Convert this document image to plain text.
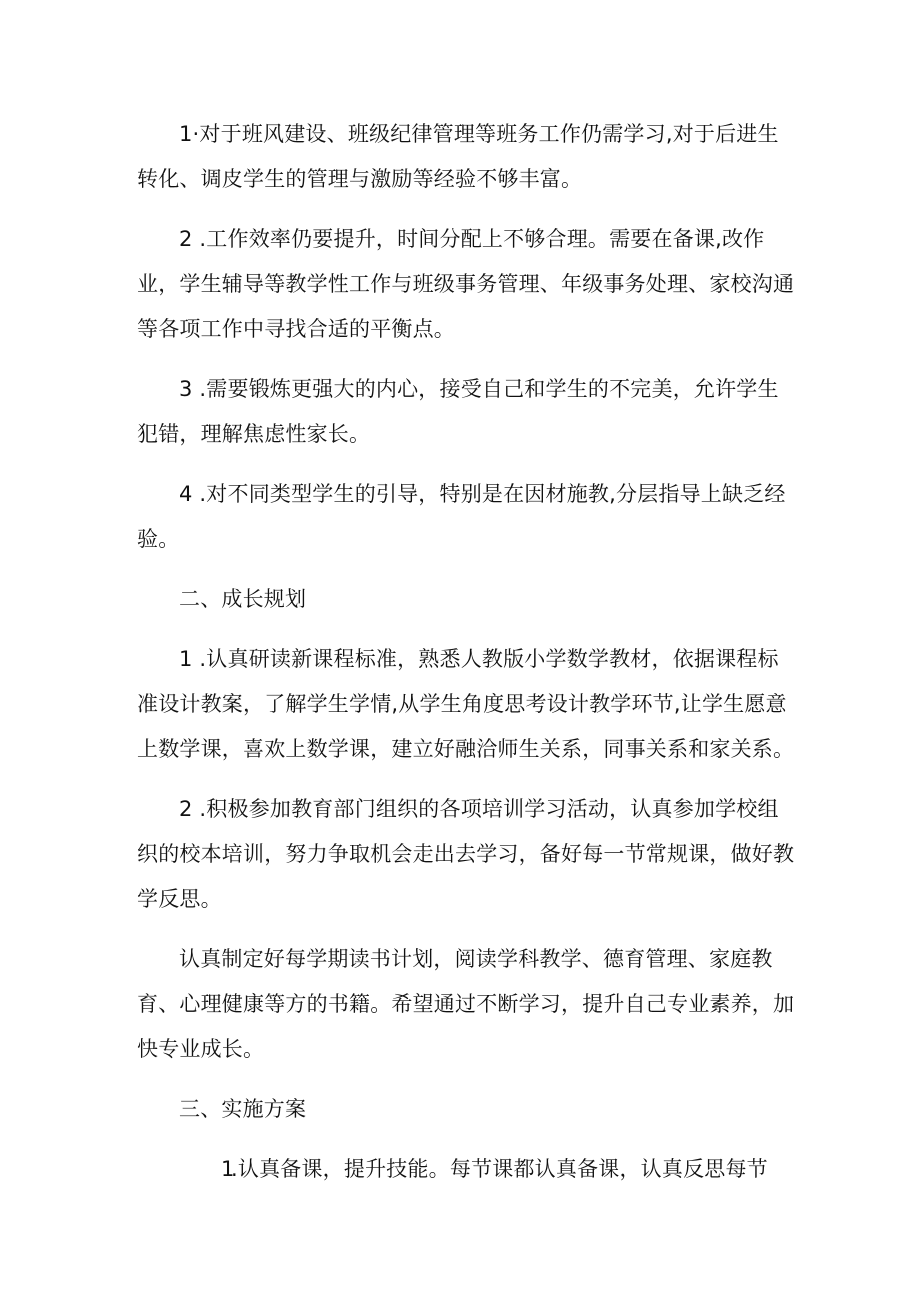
1·对于班风建设、班级纪律管理等班务工作仍需学习,对于后进生转化、调皮学生的管理与激励等经验不够丰富。

2 .工作效率仍要提升，时间分配上不够合理。需要在备课,改作业，学生辅导等教学性工作与班级事务管理、年级事务处理、家校沟通等各项工作中寻找合适的平衡点。

3 .需要锻炼更强大的内心，接受自己和学生的不完美，允许学生犯错，理解焦虑性家长。

4 .对不同类型学生的引导，特别是在因材施教,分层指导上缺乏经验。

二、成长规划

1 .认真研读新课程标准，熟悉人教版小学数学教材，依据课程标准设计教案，了解学生学情,从学生角度思考设计教学环节,让学生愿意上数学课，喜欢上数学课，建立好融洽师生关系，同事关系和家关系。

2 .积极参加教育部门组织的各项培训学习活动，认真参加学校组织的校本培训，努力争取机会走出去学习，备好每一节常规课，做好教学反思。

认真制定好每学期读书计划，阅读学科教学、德育管理、家庭教育、心理健康等方的书籍。希望通过不断学习，提升自己专业素养，加快专业成长。

三、实施方案

1.认真备课，提升技能。每节课都认真备课，认真反思每节
